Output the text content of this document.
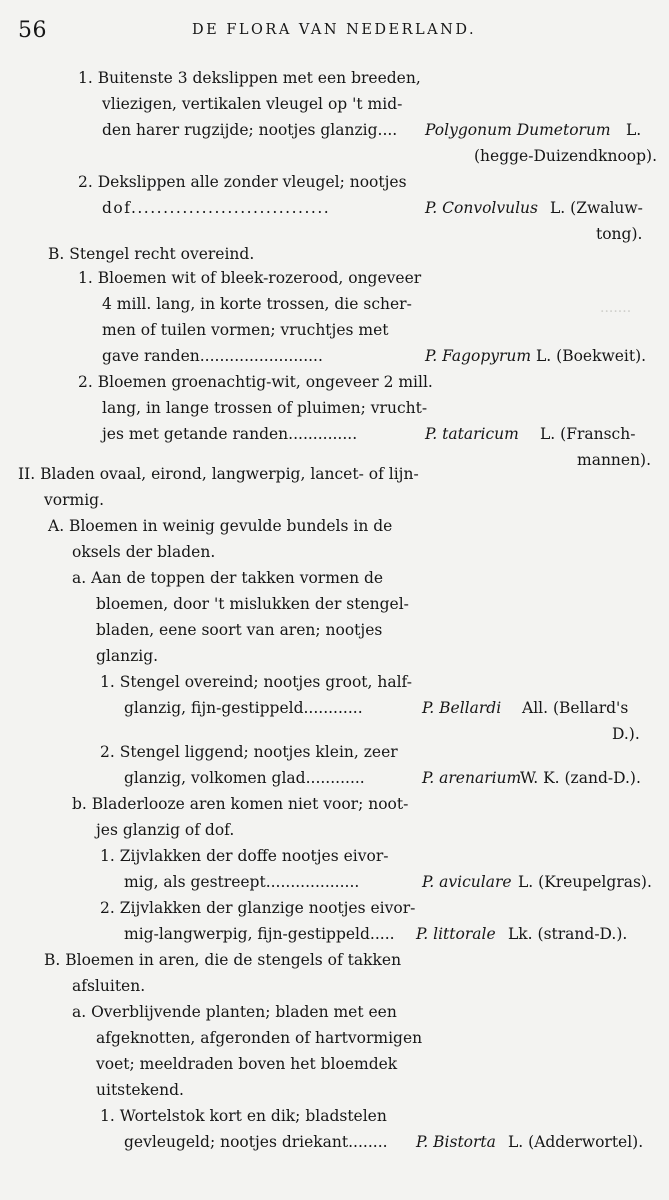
56	DE FLORA VAN NEDERLAND.
.......
1. Buitenste 3 dekslippen met een breeden,
vliezigen, vertikalen vleugel op 't mid-
den harer rugzijde; nootjes glanzig.... Polygonum Dumetorum L.
(hegge-Duizendknoop).
2. Dekslippen alle zonder vleugel; nootjes
dof...............................	P. Convolvulus L. (Zwaluw-
tong).
B. Stengel recht overeind.
1. Bloemen wit of bleek-rozerood, ongeveer
4 mill. lang, in korte trossen, die scher-
men of tuilen vormen; vruchtjes met
gave randen.........................	P. Fagopyrum L. (Boekweit).
2. Bloemen groenachtig-wit, ongeveer 2 mill.
lang, in lange trossen of pluimen; vrucht-
jes met getande randen..............	P. tataricum L. (Fransch-
mannen).
II. Bladen ovaal, eirond, langwerpig, lancet- of lijn-
vormig.
A. Bloemen in weinig gevulde bundels in de
oksels der bladen.
a. Aan de toppen der takken vormen de
bloemen, door 't mislukken der stengel-
bladen, eene soort van aren; nootjes
glanzig.
1. Stengel overeind; nootjes groot, half-
glanzig, fijn-gestippeld............	P. Bellardi All. (Bellard's
D.).
2. Stengel liggend; nootjes klein, zeer
glanzig, volkomen glad............	P. arenarium
W. K. (zand-D.).
b. Bladerlooze aren komen niet voor; noot-
jes glanzig of dof.
1. Zijvlakken der doffe nootjes eivor-
mig, als gestreept...................	P. aviculare L. (Kreupelgras).
2. Zijvlakken der glanzige nootjes eivor-
mig-langwerpig, fijn-gestippeld..... P. littorale Lk. (strand-D.).
B. Bloemen in aren, die de stengels of takken
afsluiten.
a. Overblijvende planten; bladen met een
afgeknotten, afgeronden of hartvormigen
voet; meeldraden boven het bloemdek
uitstekend.
1. Wortelstok kort en dik; bladstelen
gevleugeld; nootjes driekant........ P. Bistorta L. (Adderwortel).
